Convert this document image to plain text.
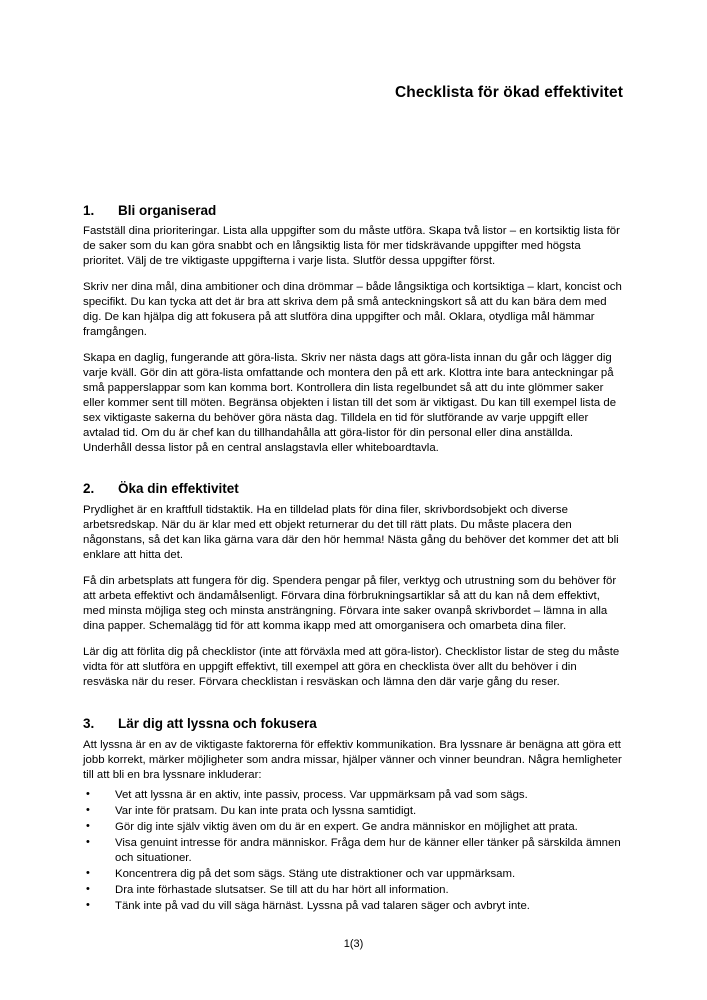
Checklista för ökad effektivitet
1. Bli organiserad

Fastställ dina prioriteringar. Lista alla uppgifter som du måste utföra. Skapa två listor – en kortsiktig lista för de saker som du kan göra snabbt och en långsiktig lista för mer tidskrävande uppgifter med högsta prioritet. Välj de tre viktigaste uppgifterna i varje lista. Slutför dessa uppgifter först.

Skriv ner dina mål, dina ambitioner och dina drömmar – både långsiktiga och kortsiktiga – klart, koncist och specifikt. Du kan tycka att det är bra att skriva dem på små anteckningskort så att du kan bära dem med dig. De kan hjälpa dig att fokusera på att slutföra dina uppgifter och mål. Oklara, otydliga mål hämmar framgången.

Skapa en daglig, fungerande att göra-lista. Skriv ner nästa dags att göra-lista innan du går och lägger dig varje kväll. Gör din att göra-lista omfattande och montera den på ett ark. Klottra inte bara anteckningar på små papperslappar som kan komma bort. Kontrollera din lista regelbundet så att du inte glömmer saker eller kommer sent till möten. Begränsa objekten i listan till det som är viktigast. Du kan till exempel lista de sex viktigaste sakerna du behöver göra nästa dag. Tilldela en tid för slutförande av varje uppgift eller avtalad tid. Om du är chef kan du tillhandahålla att göra-listor för din personal eller dina anställda. Underhåll dessa listor på en central anslagstavla eller whiteboardtavla.

2. Öka din effektivitet

Prydlighet är en kraftfull tidstaktik. Ha en tilldelad plats för dina filer, skrivbordsobjekt och diverse arbetsredskap. När du är klar med ett objekt returnerar du det till rätt plats. Du måste placera den någonstans, så det kan lika gärna vara där den hör hemma! Nästa gång du behöver det kommer det att bli enklare att hitta det.

Få din arbetsplats att fungera för dig. Spendera pengar på filer, verktyg och utrustning som du behöver för att arbeta effektivt och ändamålsenligt. Förvara dina förbrukningsartiklar så att du kan nå dem effektivt, med minsta möjliga steg och minsta ansträngning. Förvara inte saker ovanpå skrivbordet – lämna in alla dina papper. Schemalägg tid för att komma ikapp med att omorganisera och omarbeta dina filer.

Lär dig att förlita dig på checklistor (inte att förväxla med att göra-listor). Checklistor listar de steg du måste vidta för att slutföra en uppgift effektivt, till exempel att göra en checklista över allt du behöver i din resväska när du reser. Förvara checklistan i resväskan och lämna den där varje gång du reser.

3. Lär dig att lyssna och fokusera

Att lyssna är en av de viktigaste faktorerna för effektiv kommunikation. Bra lyssnare är benägna att göra ett jobb korrekt, märker möjligheter som andra missar, hjälper vänner och vinner beundran. Några hemligheter till att bli en bra lyssnare inkluderar:

• Vet att lyssna är en aktiv, inte passiv, process. Var uppmärksam på vad som sägs.
• Var inte för pratsam. Du kan inte prata och lyssna samtidigt.
• Gör dig inte själv viktig även om du är en expert. Ge andra människor en möjlighet att prata.
• Visa genuint intresse för andra människor. Fråga dem hur de känner eller tänker på särskilda ämnen och situationer.
• Koncentrera dig på det som sägs. Stäng ute distraktioner och var uppmärksam.
• Dra inte förhastade slutsatser. Se till att du har hört all information.
• Tänk inte på vad du vill säga härnäst. Lyssna på vad talaren säger och avbryt inte.
1(3)
